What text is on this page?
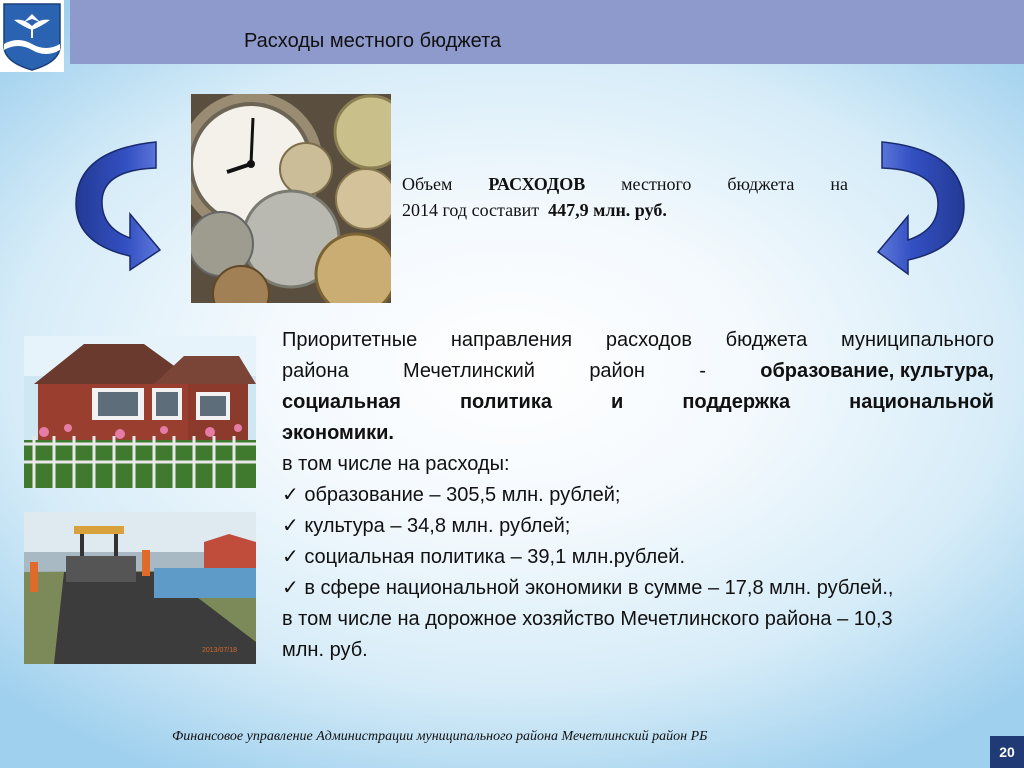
Расходы местного бюджета
Объем РАСХОДОВ местного бюджета на
2014 год составит 447,9 млн. руб.
2013/07/18
Приоритетные направления расходов бюджета муниципального
района	Мечетлинский	район	-	образование, культура,
социальная	политика	и	поддержка	национальной
экономики.
в том числе на расходы:
✓ образование – 305,5 млн. рублей;
✓ культура – 34,8 млн. рублей;
✓ социальная политика – 39,1 млн.рублей.
✓ в сфере национальной экономики в сумме – 17,8 млн. рублей.,
в том числе на дорожное хозяйство Мечетлинского района – 10,3
млн. руб.
Финансовое управление Администрации муниципального района Мечетлинский район РБ
20
